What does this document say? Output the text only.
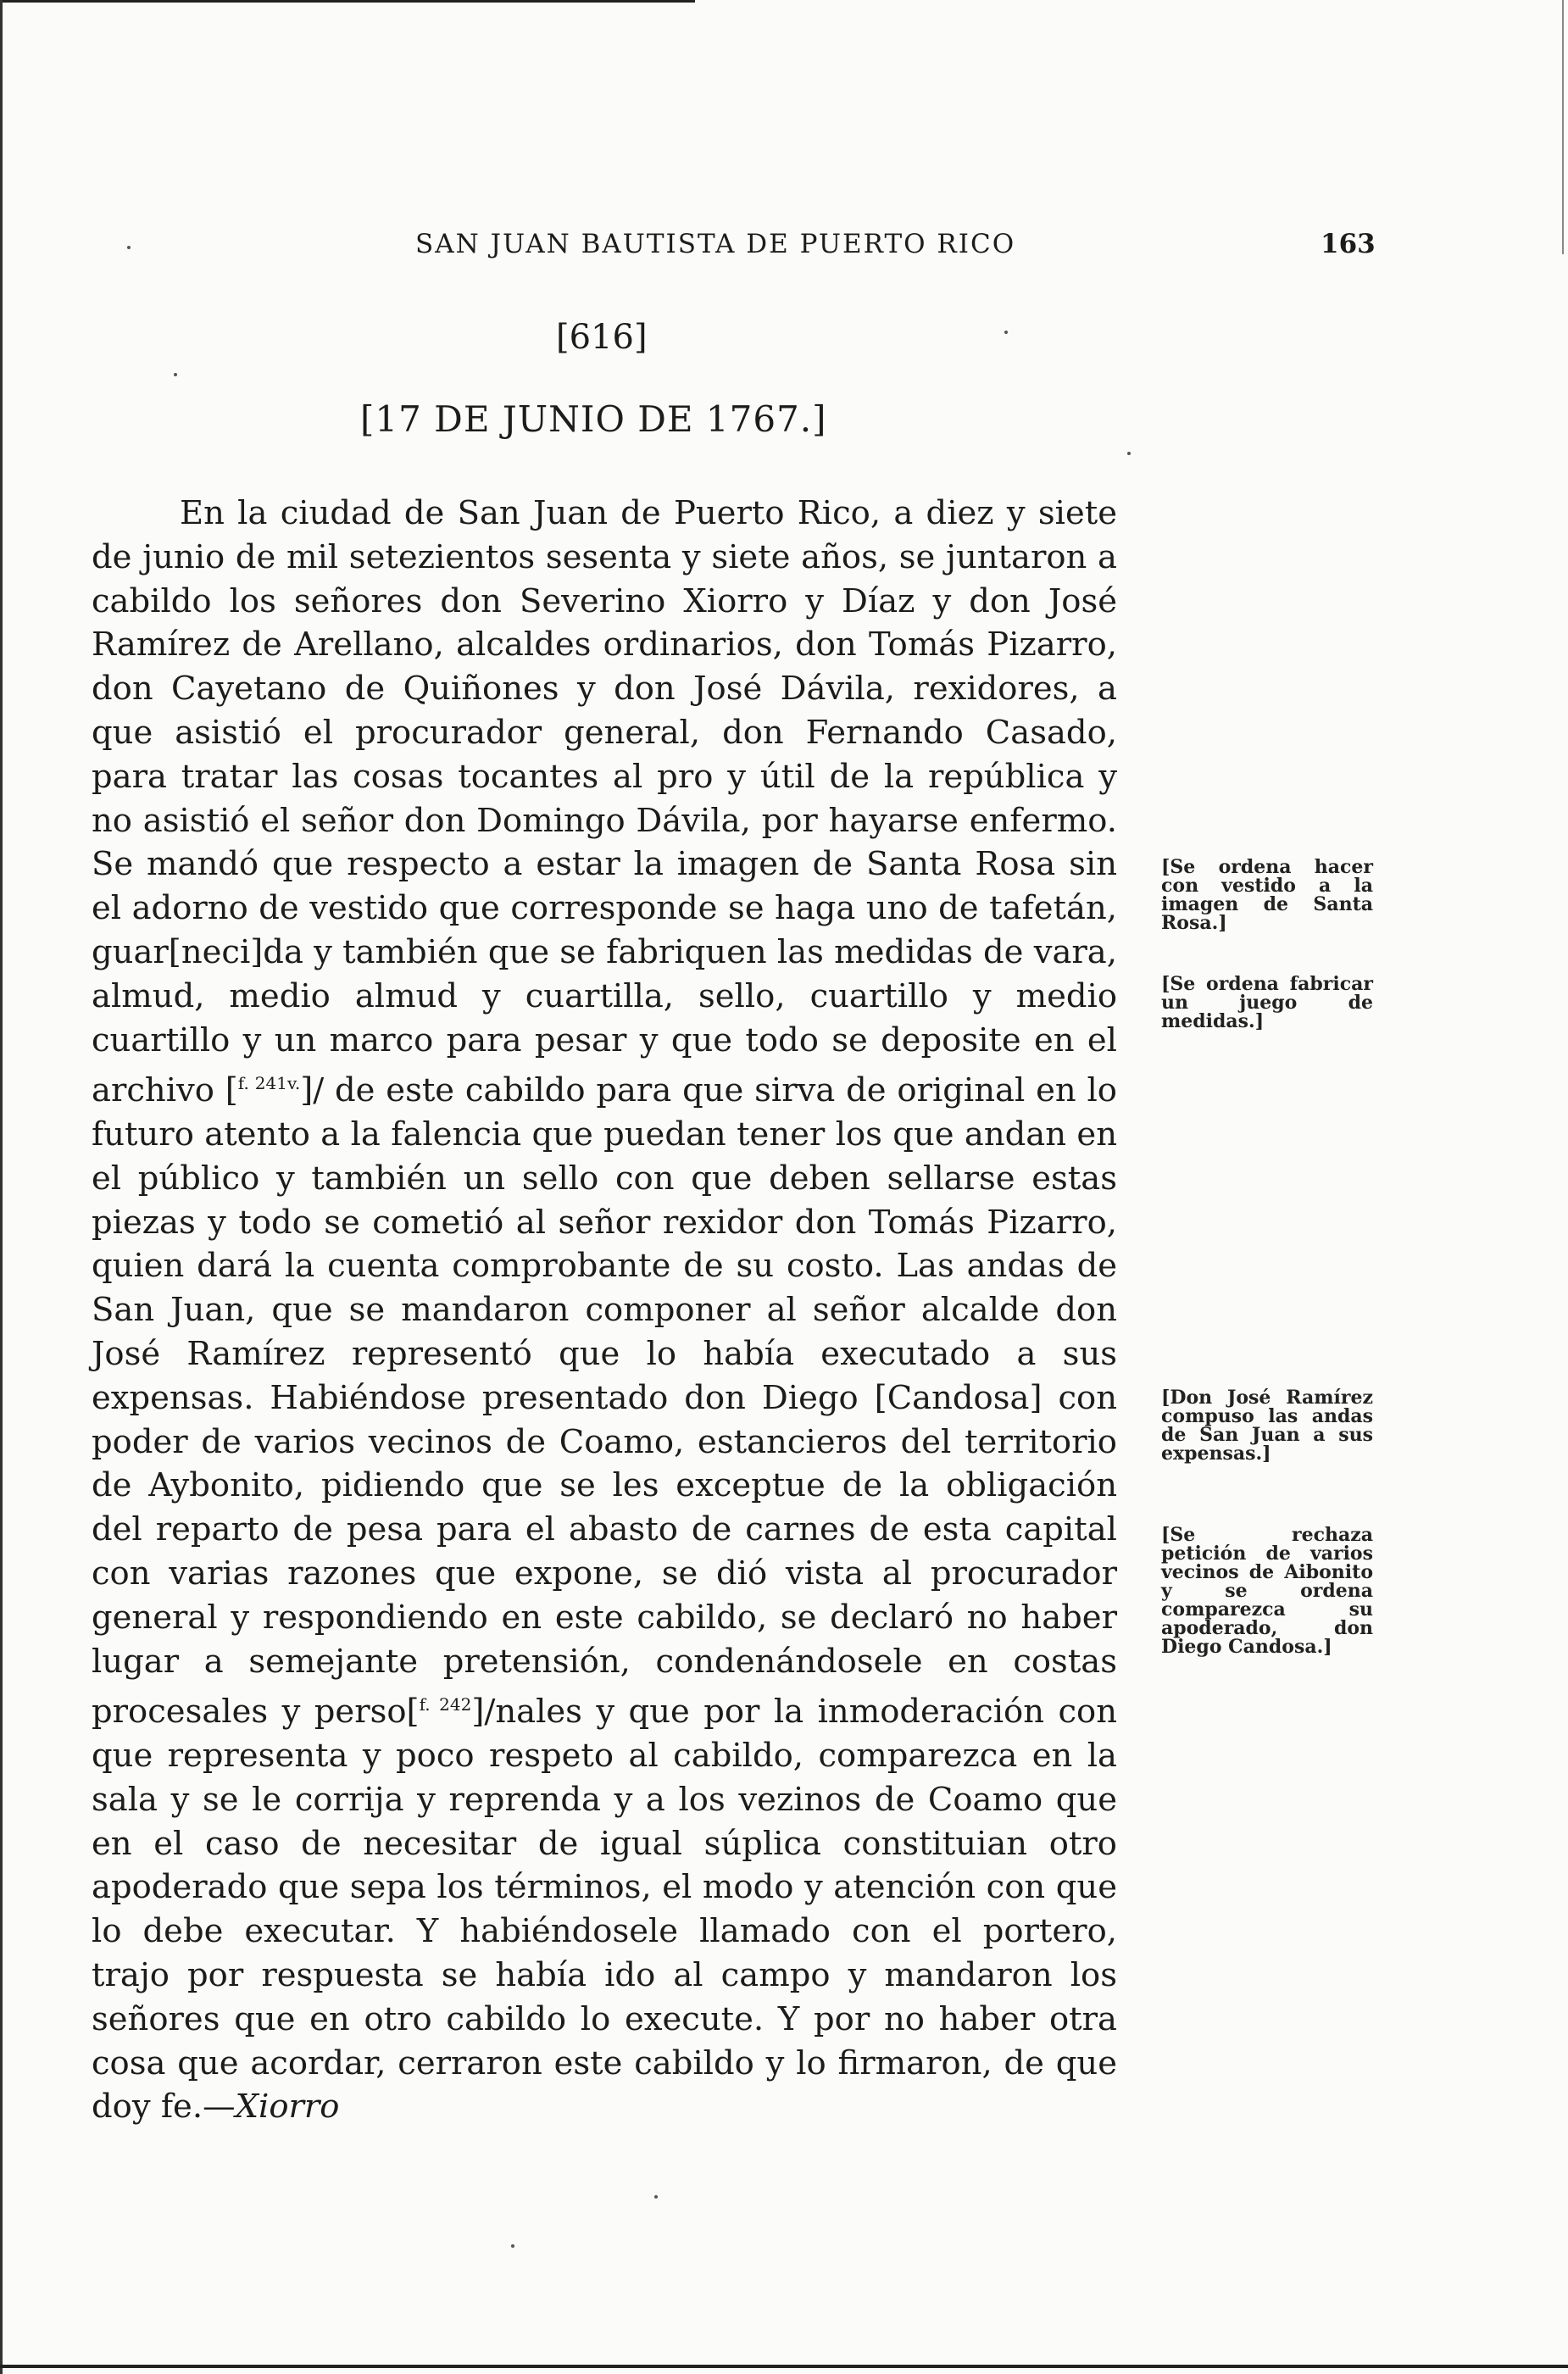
SAN JUAN BAUTISTA DE PUERTO RICO	163
[616]
[17 DE JUNIO DE 1767.]

En la ciudad de San Juan de Puerto Rico, a diez y siete de junio de mil setezientos sesenta y siete años, se juntaron a cabildo los señores don Severino Xiorro y Díaz y don José Ramírez de Arellano, alcaldes ordinarios, don Tomás Pizarro, don Cayetano de Quiñones y don José Dávila, rexidores, a que asistió el procurador general, don Fernando Casado, para tratar las cosas tocantes al pro y útil de la república y no asistió el señor don Domingo Dávila, por hayarse enfermo. Se mandó que respecto a estar la imagen de Santa Rosa sin el adorno de vestido que corresponde se haga uno de tafetán, guar[neci]da y también que se fabriquen las medidas de vara, almud, medio almud y cuartilla, sello, cuartillo y medio cuartillo y un marco para pesar y que todo se deposite en el archivo [$^{f. 241v.}$]/ de este cabildo para que sirva de original en lo futuro atento a la falencia que puedan tener los que andan en el público y también un sello con que deben sellarse estas piezas y todo se cometió al señor rexidor don Tomás Pizarro, quien dará la cuenta comprobante de su costo. Las andas de San Juan, que se mandaron componer al señor alcalde don José Ramírez representó que lo había executado a sus expensas. Habiéndose presentado don Diego [Candosa] con poder de varios vecinos de Coamo, estancieros del territorio de Aybonito, pidiendo que se les exceptue de la obligación del reparto de pesa para el abasto de carnes de esta capital con varias razones que expone, se dió vista al procurador general y respondiendo en este cabildo, se declaró no haber lugar a semejante pretensión, condenándosele en costas procesales y perso[$^{f. 242}$]/nales y que por la inmoderación con que representa y poco respeto al cabildo, comparezca en la sala y se le corrija y reprenda y a los vezinos de Coamo que en el caso de necesitar de igual súplica constituian otro apoderado que sepa los términos, el modo y atención con que lo debe executar. Y habiéndosele llamado con el portero, trajo por respuesta se había ido al campo y mandaron los señores que en otro cabildo lo execute. Y por no haber otra cosa que acordar, cerraron este cabildo y lo firmaron, de que doy fe.—Xiorro

[Se ordena hacer con vestido a la imagen de Santa Rosa.]
[Se ordena fabricar un juego de medidas.]
[Don José Ramírez compuso las andas de San Juan a sus expensas.]
[Se rechaza petición de varios vecinos de Aibonito y se ordena comparezca su apoderado, don Diego Candosa.]
